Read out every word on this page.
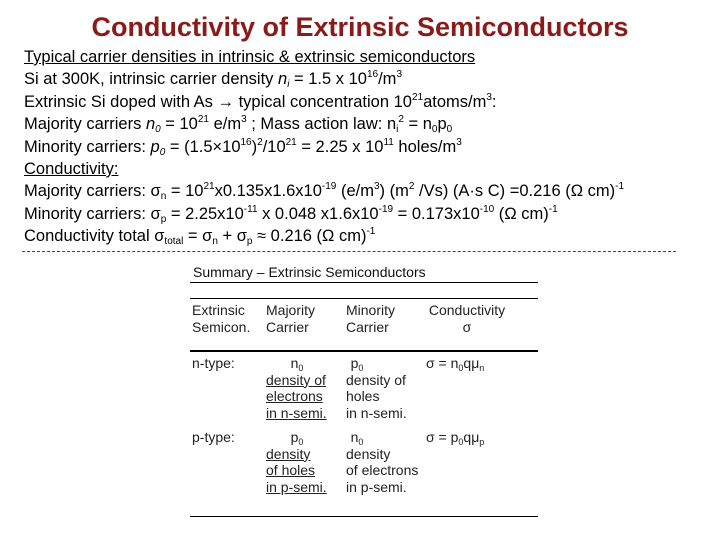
Conductivity of Extrinsic Semiconductors
Typical carrier densities in intrinsic & extrinsic semiconductors
Si at 300K, intrinsic carrier density $n_i = 1.5$ x $10^{16}/m^3$
Extrinsic Si doped with As → typical concentration $10^{21}atoms/m^3$:
Majority carriers $n_0 = 10^{21}$ $e/m^3$ ; Mass action law: $n_i^2 = n_0p_0$
Minority carriers: $p_0 = (1.5\times 10^{16})^2/10^{21} = 2.25$ x $10^{11}$ holes/$m^3$
Conductivity:
Majority carriers: $\sigma_n = 10^{21}x0.135x1.6x10^{-19}$ $(e/m^3)$ ($m^2$ /Vs) (A·s C) =0.216 (Ω cm)$^{-1}$
Minority carriers: $\sigma_p = 2.25x10^{-11}$ x 0.048 $x1.6x10^{-19} = 0.173x10^{-10}$ (Ω cm)$^{-1}$
Conductivity total $\sigma_{total} = \sigma_n + \sigma_p \approx 0.216$ (Ω cm)$^{-1}$
Summary – Extrinsic Semiconductors
Extrinsic
Semicon.
Majority
Carrier
Minority
Carrier
Conductivity
σ
n-type:	$n_0$
density of
electrons
in n-semi.
$p_0$
density of
holes
in n-semi.
$\sigma = n_0q\mu_n$
p-type:	$p_0$
density
of holes
in p-semi.
$n_0$
density
of electrons
in p-semi.
$\sigma = p_0q\mu_p$
